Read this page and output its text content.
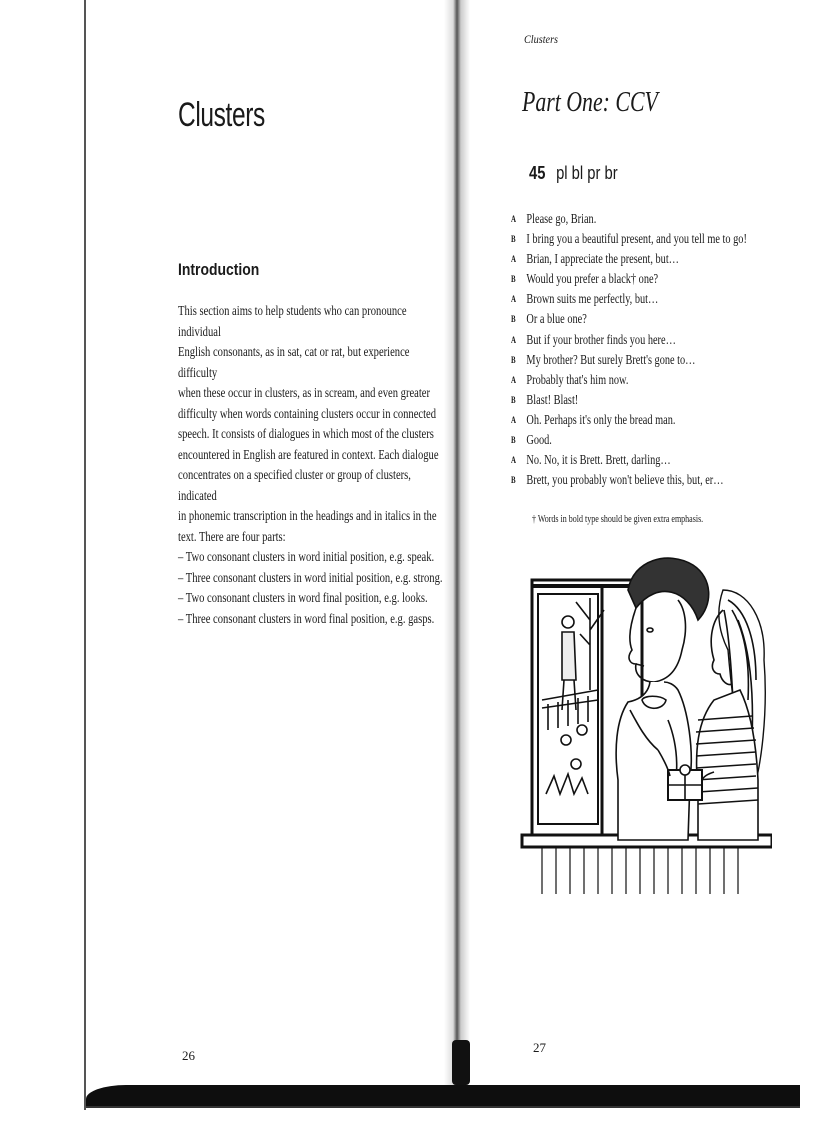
Clusters
Introduction

This section aims to help students who can pronounce individual

English consonants, as in sat, cat or rat, but experience difficulty

when these occur in clusters, as in scream, and even greater

difficulty when words containing clusters occur in connected

speech. It consists of dialogues in which most of the clusters

encountered in English are featured in context. Each dialogue

concentrates on a specified cluster or group of clusters, indicated

in phonemic transcription in the headings and in italics in the

text. There are four parts:

– Two consonant clusters in word initial position, e.g. speak.
– Three consonant clusters in word initial position, e.g. strong.
– Two consonant clusters in word final position, e.g. looks.
– Three consonant clusters in word final position, e.g. gasps.
26
Clusters
Part One: CCV
45 pl bl pr br
A Please go, Brian.
B I bring you a beautiful present, and you tell me to go!
A Brian, I appreciate the present, but…
B Would you prefer a black† one?
A Brown suits me perfectly, but…
B Or a blue one?
A But if your brother finds you here…
B My brother? But surely Brett's gone to…
A Probably that's him now.
B Blast! Blast!
A Oh. Perhaps it's only the bread man.
B Good.
A No. No, it is Brett. Brett, darling…
B Brett, you probably won't believe this, but, er…
† Words in bold type should be given extra emphasis.
27
